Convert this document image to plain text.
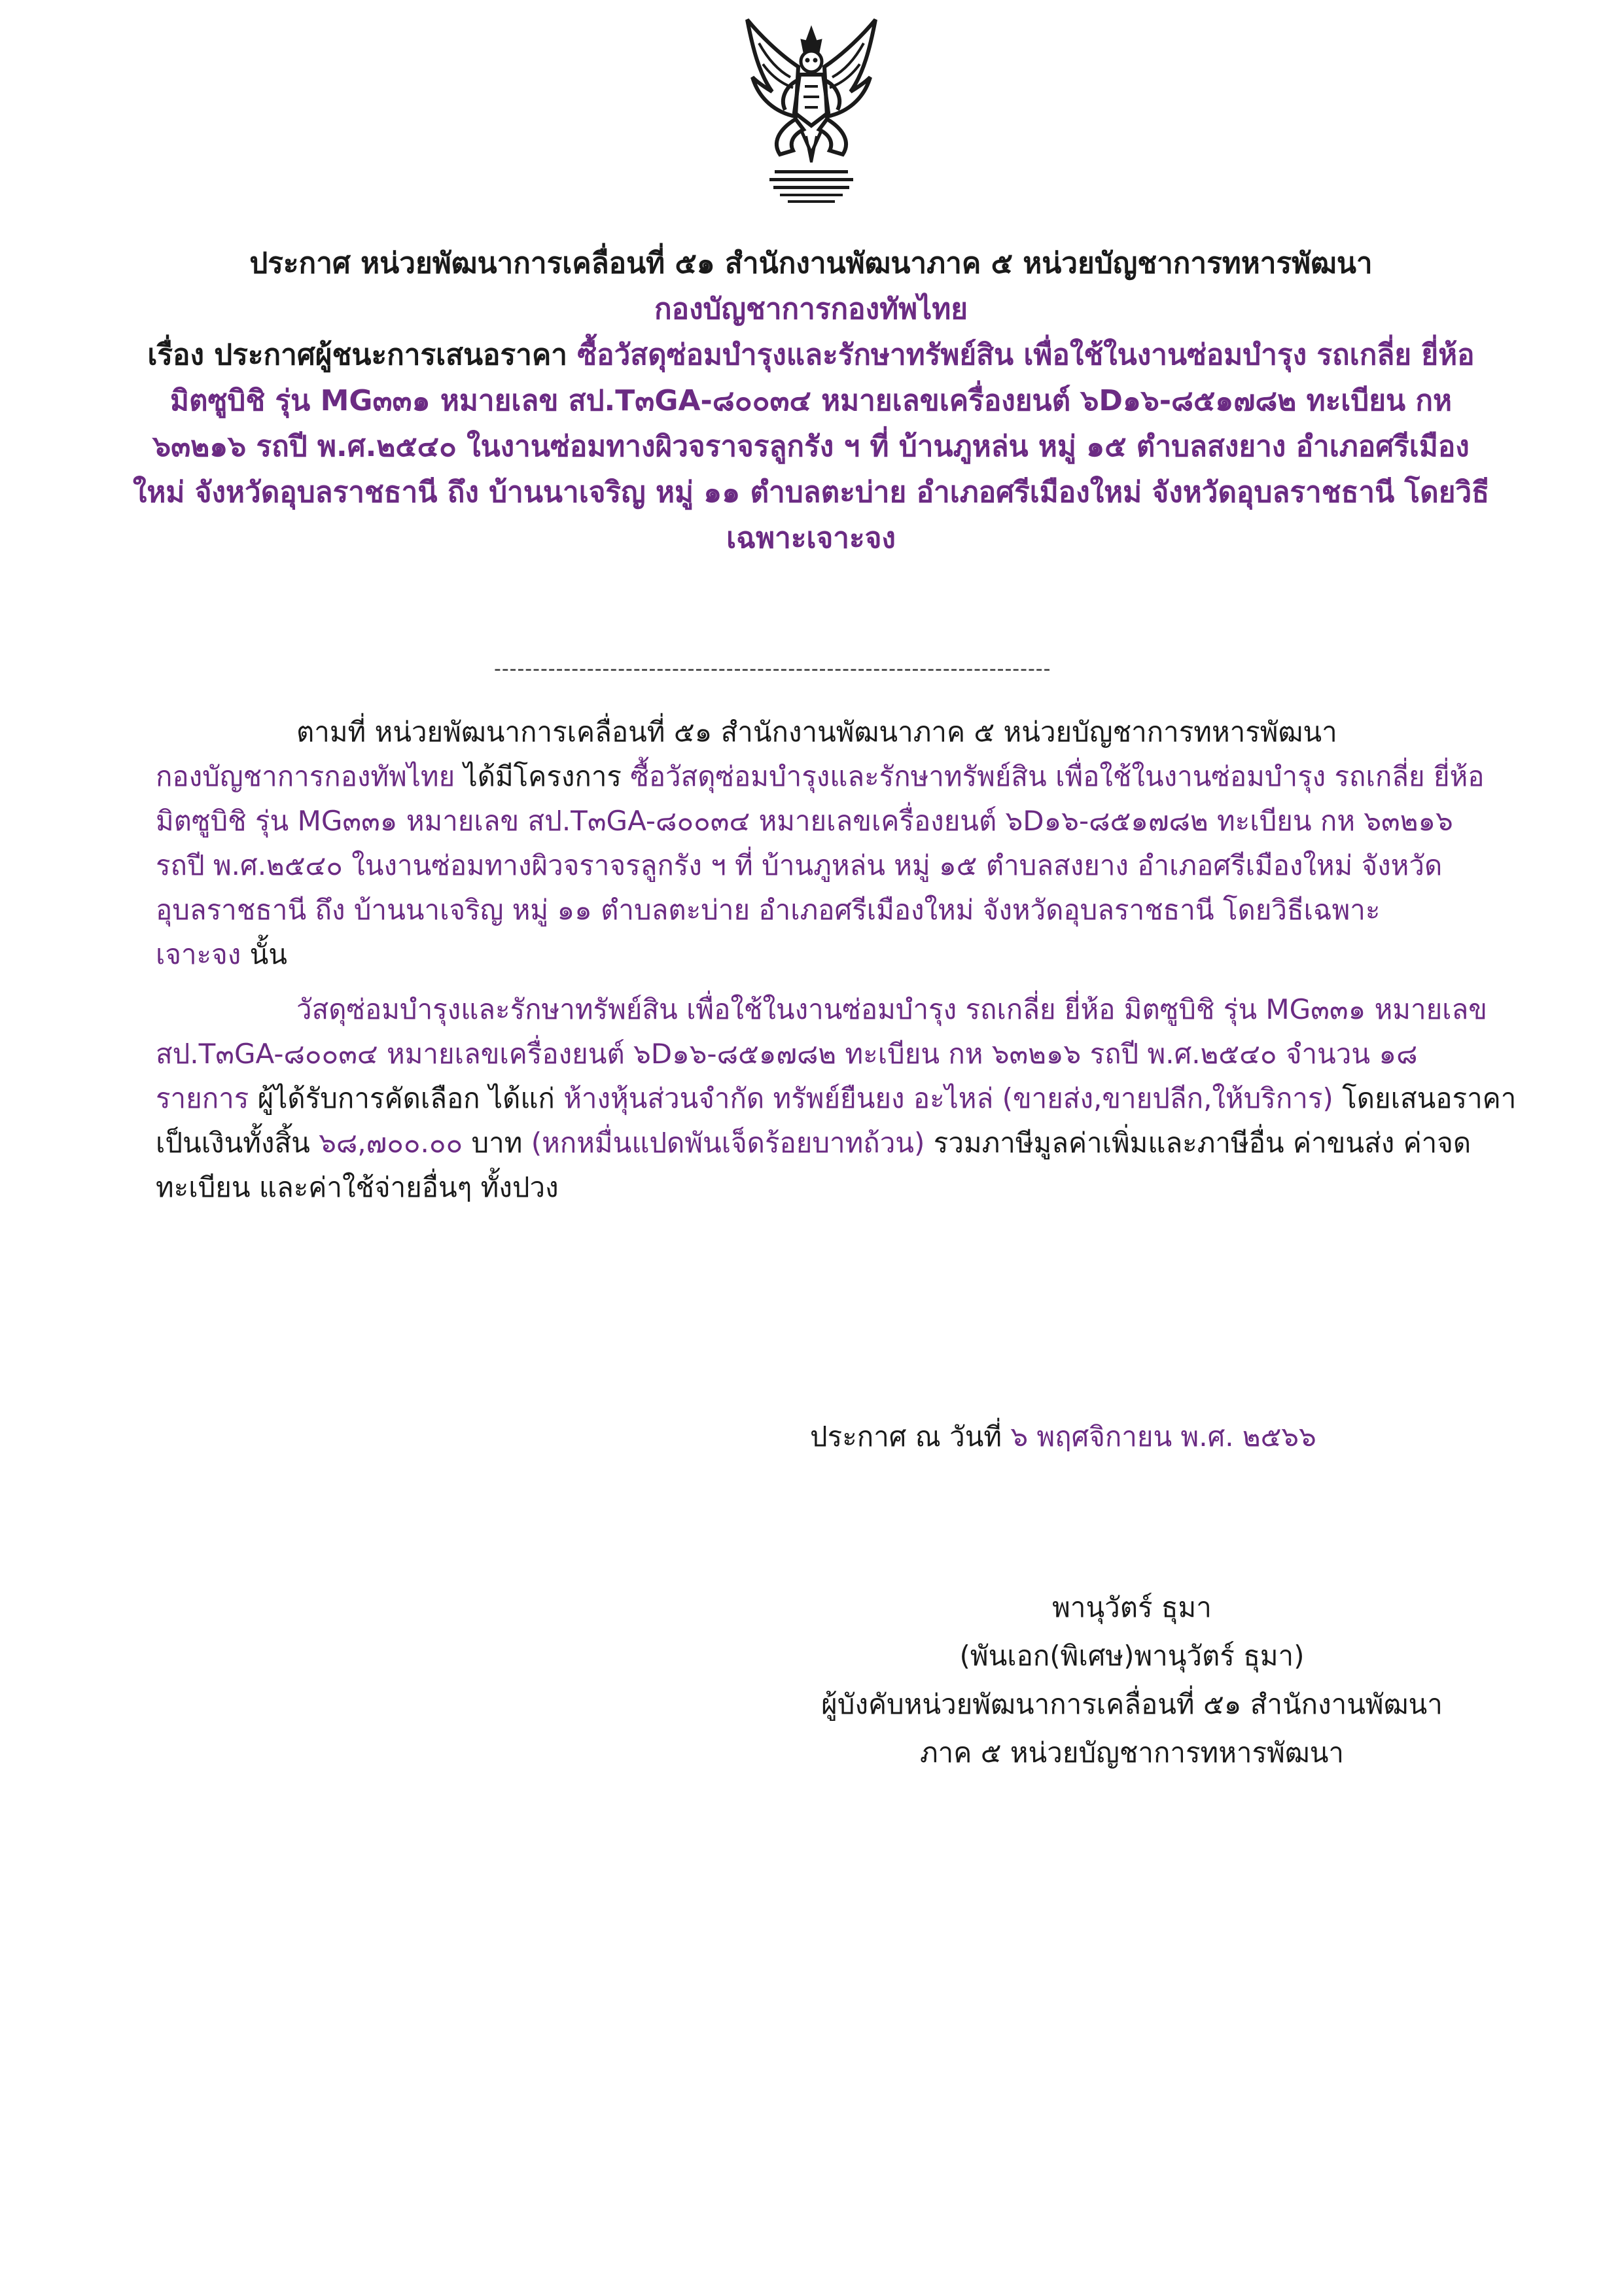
ประกาศ หน่วยพัฒนาการเคลื่อนที่ ๕๑ สำนักงานพัฒนาภาค ๕ หน่วยบัญชาการทหารพัฒนา
กองบัญชาการกองทัพไทย
เรื่อง ประกาศผู้ชนะการเสนอราคา ซื้อวัสดุซ่อมบำรุงและรักษาทรัพย์สิน เพื่อใช้ในงานซ่อมบำรุง รถเกลี่ย ยี่ห้อ
มิตซูบิชิ รุ่น MG๓๓๑ หมายเลข สป.T๓GA-๘๐๐๓๔ หมายเลขเครื่องยนต์ ๖D๑๖-๘๕๑๗๘๒ ทะเบียน กห
๖๓๒๑๖ รถปี พ.ศ.๒๕๔๐ ในงานซ่อมทางผิวจราจรลูกรัง ฯ ที่ บ้านภูหล่น หมู่ ๑๕ ตำบลสงยาง อำเภอศรีเมือง
ใหม่ จังหวัดอุบลราชธานี ถึง บ้านนาเจริญ หมู่ ๑๑ ตำบลตะบ่าย อำเภอศรีเมืองใหม่ จังหวัดอุบลราชธานี โดยวิธี
เฉพาะเจาะจง
------------------------------------------------------------------------
ตามที่ หน่วยพัฒนาการเคลื่อนที่ ๕๑ สำนักงานพัฒนาภาค ๕ หน่วยบัญชาการทหารพัฒนา
กองบัญชาการกองทัพไทย ได้มีโครงการ ซื้อวัสดุซ่อมบำรุงและรักษาทรัพย์สิน เพื่อใช้ในงานซ่อมบำรุง รถเกลี่ย ยี่ห้อ
มิตซูบิชิ รุ่น MG๓๓๑ หมายเลข สป.T๓GA-๘๐๐๓๔ หมายเลขเครื่องยนต์ ๖D๑๖-๘๕๑๗๘๒ ทะเบียน กห ๖๓๒๑๖
รถปี พ.ศ.๒๕๔๐ ในงานซ่อมทางผิวจราจรลูกรัง ฯ ที่ บ้านภูหล่น หมู่ ๑๕ ตำบลสงยาง อำเภอศรีเมืองใหม่ จังหวัด
อุบลราชธานี ถึง บ้านนาเจริญ หมู่ ๑๑ ตำบลตะบ่าย อำเภอศรีเมืองใหม่ จังหวัดอุบลราชธานี โดยวิธีเฉพาะ
เจาะจง นั้น
วัสดุซ่อมบำรุงและรักษาทรัพย์สิน เพื่อใช้ในงานซ่อมบำรุง รถเกลี่ย ยี่ห้อ มิตซูบิชิ รุ่น MG๓๓๑ หมายเลข
สป.T๓GA-๘๐๐๓๔ หมายเลขเครื่องยนต์ ๖D๑๖-๘๕๑๗๘๒ ทะเบียน กห ๖๓๒๑๖ รถปี พ.ศ.๒๕๔๐ จำนวน ๑๘
รายการ ผู้ได้รับการคัดเลือก ได้แก่ ห้างหุ้นส่วนจำกัด ทรัพย์ยืนยง อะไหล่ (ขายส่ง,ขายปลีก,ให้บริการ) โดยเสนอราคา
เป็นเงินทั้งสิ้น ๖๘,๗๐๐.๐๐ บาท (หกหมื่นแปดพันเจ็ดร้อยบาทถ้วน) รวมภาษีมูลค่าเพิ่มและภาษีอื่น ค่าขนส่ง ค่าจด
ทะเบียน และค่าใช้จ่ายอื่นๆ ทั้งปวง
ประกาศ ณ วันที่ ๖ พฤศจิกายน พ.ศ. ๒๕๖๖
พานุวัตร์ ธุมา
(พันเอก(พิเศษ)พานุวัตร์ ธุมา)
ผู้บังคับหน่วยพัฒนาการเคลื่อนที่ ๕๑ สำนักงานพัฒนา
ภาค ๕ หน่วยบัญชาการทหารพัฒนา
